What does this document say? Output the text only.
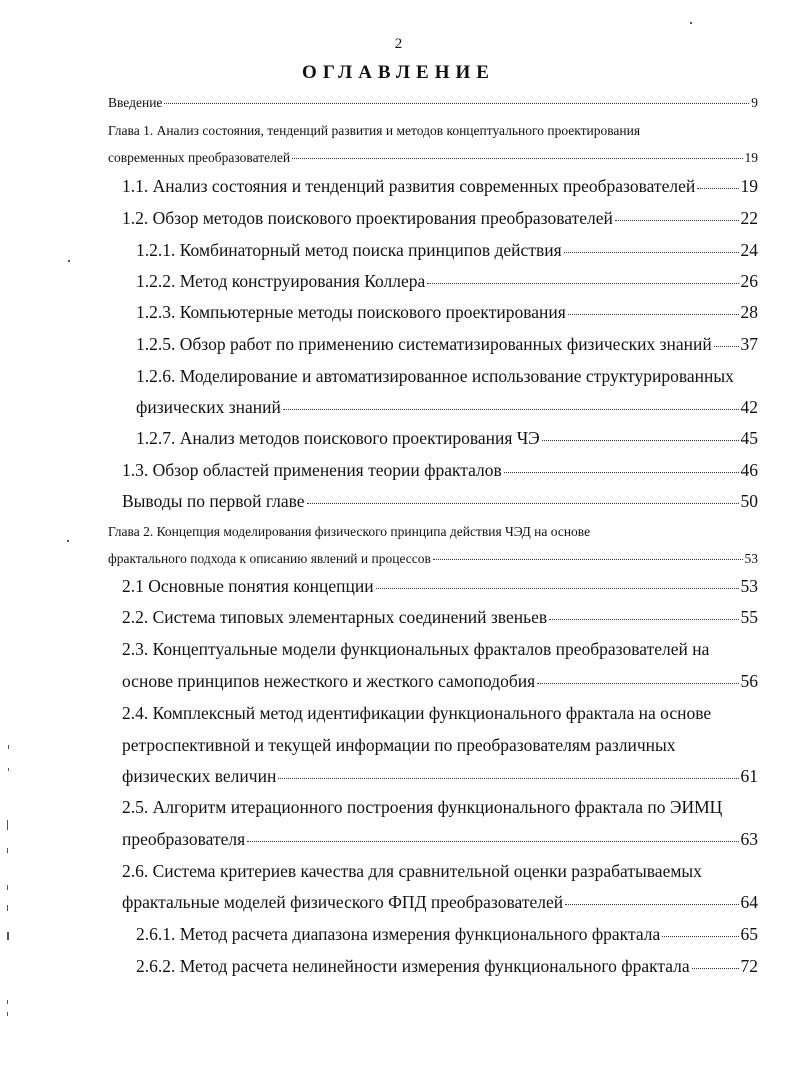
2
ОГЛАВЛЕНИЕ
Введение	9
Глава 1. Анализ состояния, тенденций развития и методов концептуального проектирования
современных преобразователей	19
1.1. Анализ состояния и тенденций развития современных преобразователей	19
1.2. Обзор методов поискового проектирования преобразователей	22
1.2.1. Комбинаторный метод поиска принципов действия	24
1.2.2. Метод конструирования Коллера	26
1.2.3. Компьютерные методы поискового проектирования	28
1.2.5. Обзор работ по применению систематизированных физических знаний 37
1.2.6. Моделирование и автоматизированное использование структурированных
физических знаний	42
1.2.7. Анализ методов поискового проектирования ЧЭ	45
1.3. Обзор областей применения теории фракталов	46
Выводы по первой главе	50
Глава 2. Концепция моделирования физического принципа действия ЧЭД на основе
фрактального подхода к описанию явлений и процессов	53
2.1 Основные понятия концепции	53
2.2. Система типовых элементарных соединений звеньев	55
2.3. Концептуальные модели функциональных фракталов преобразователей на
основе принципов нежесткого и жесткого самоподобия	56
2.4. Комплексный метод идентификации функционального фрактала на основе
ретроспективной и текущей информации по преобразователям различных
физических величин	61
2.5. Алгоритм итерационного построения функционального фрактала по ЭИМЦ
преобразователя	63
2.6. Система критериев качества для сравнительной оценки разрабатываемых
фрактальные моделей физического ФПД преобразователей	64
2.6.1. Метод расчета диапазона измерения функционального фрактала	65
2.6.2. Метод расчета нелинейности измерения функционального фрактала	72
